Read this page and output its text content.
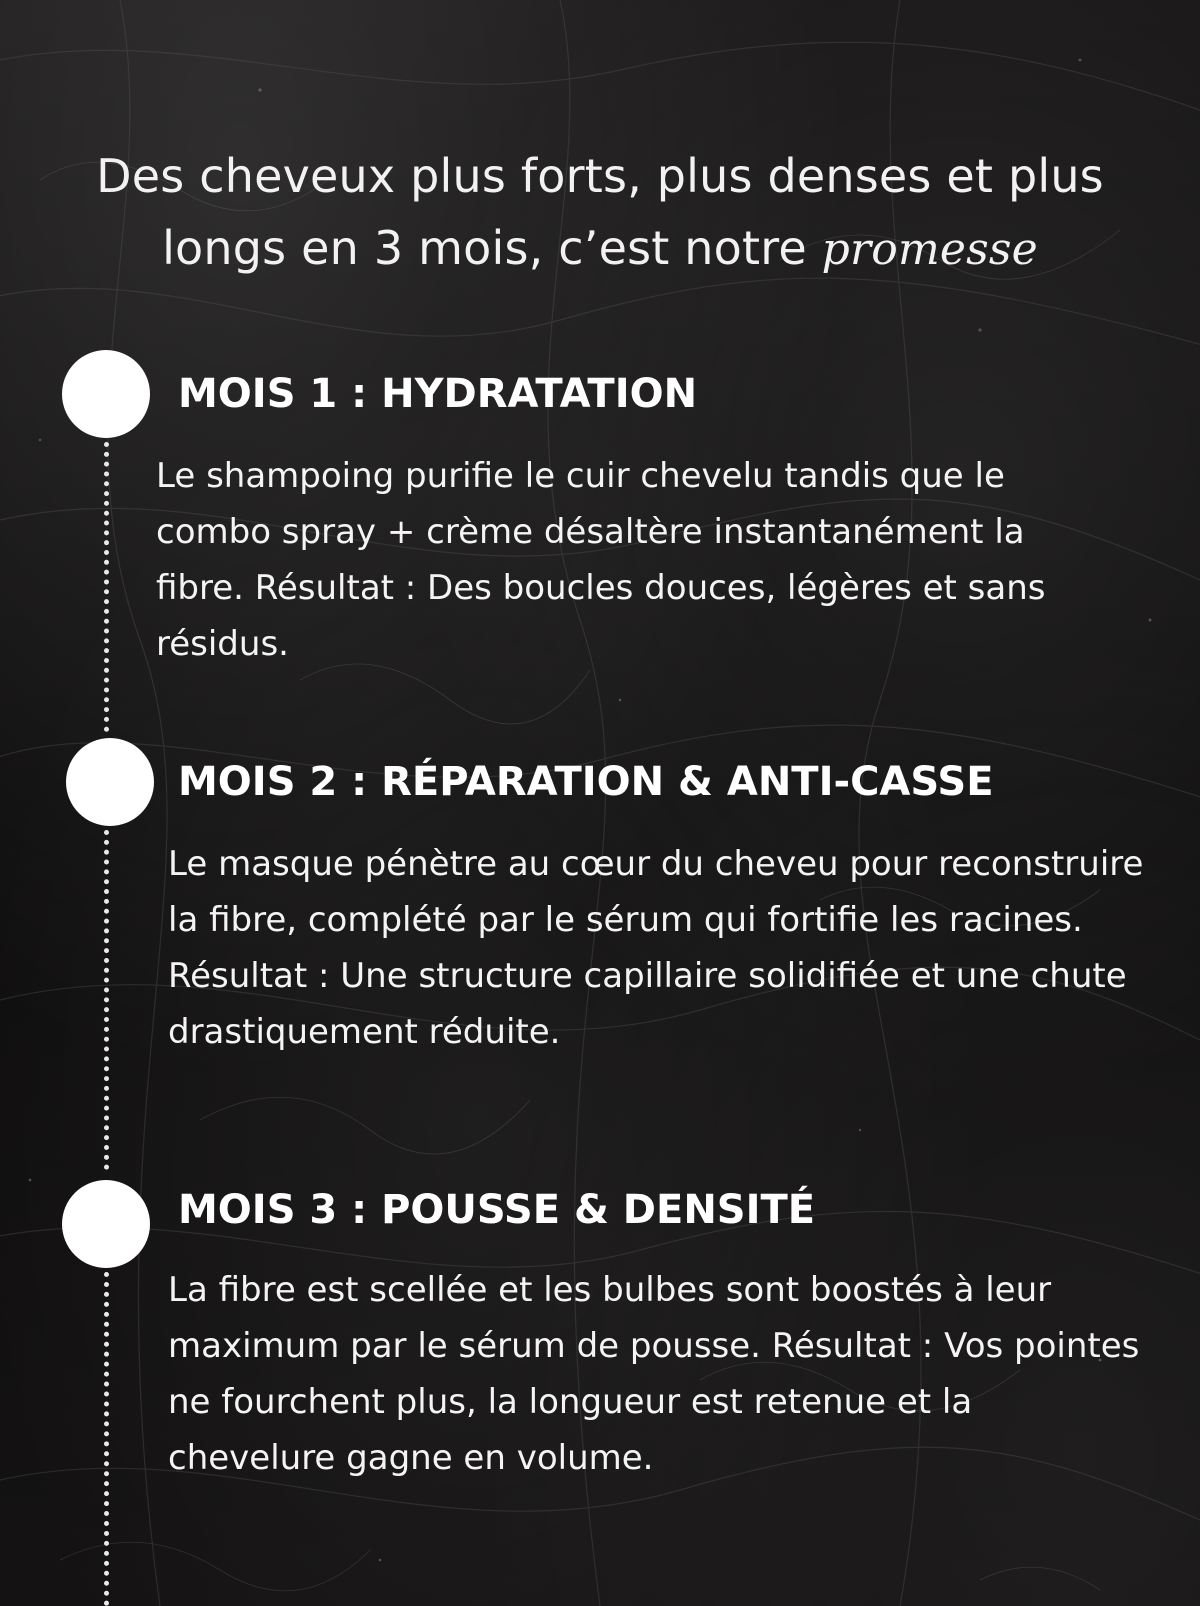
Des cheveux plus forts, plus denses et plus longs en 3 mois, c’est notre promesse
MOIS 1 : HYDRATATION
Le shampoing purifie le cuir chevelu tandis que le combo spray + crème désaltère instantanément la fibre. Résultat : Des boucles douces, légères et sans résidus.
MOIS 2 : RÉPARATION & ANTI-CASSE
Le masque pénètre au cœur du cheveu pour reconstruire la fibre, complété par le sérum qui fortifie les racines. Résultat : Une structure capillaire solidifiée et une chute drastiquement réduite.
MOIS 3 : POUSSE & DENSITÉ
La fibre est scellée et les bulbes sont boostés à leur maximum par le sérum de pousse. Résultat : Vos pointes ne fourchent plus, la longueur est retenue et la chevelure gagne en volume.
